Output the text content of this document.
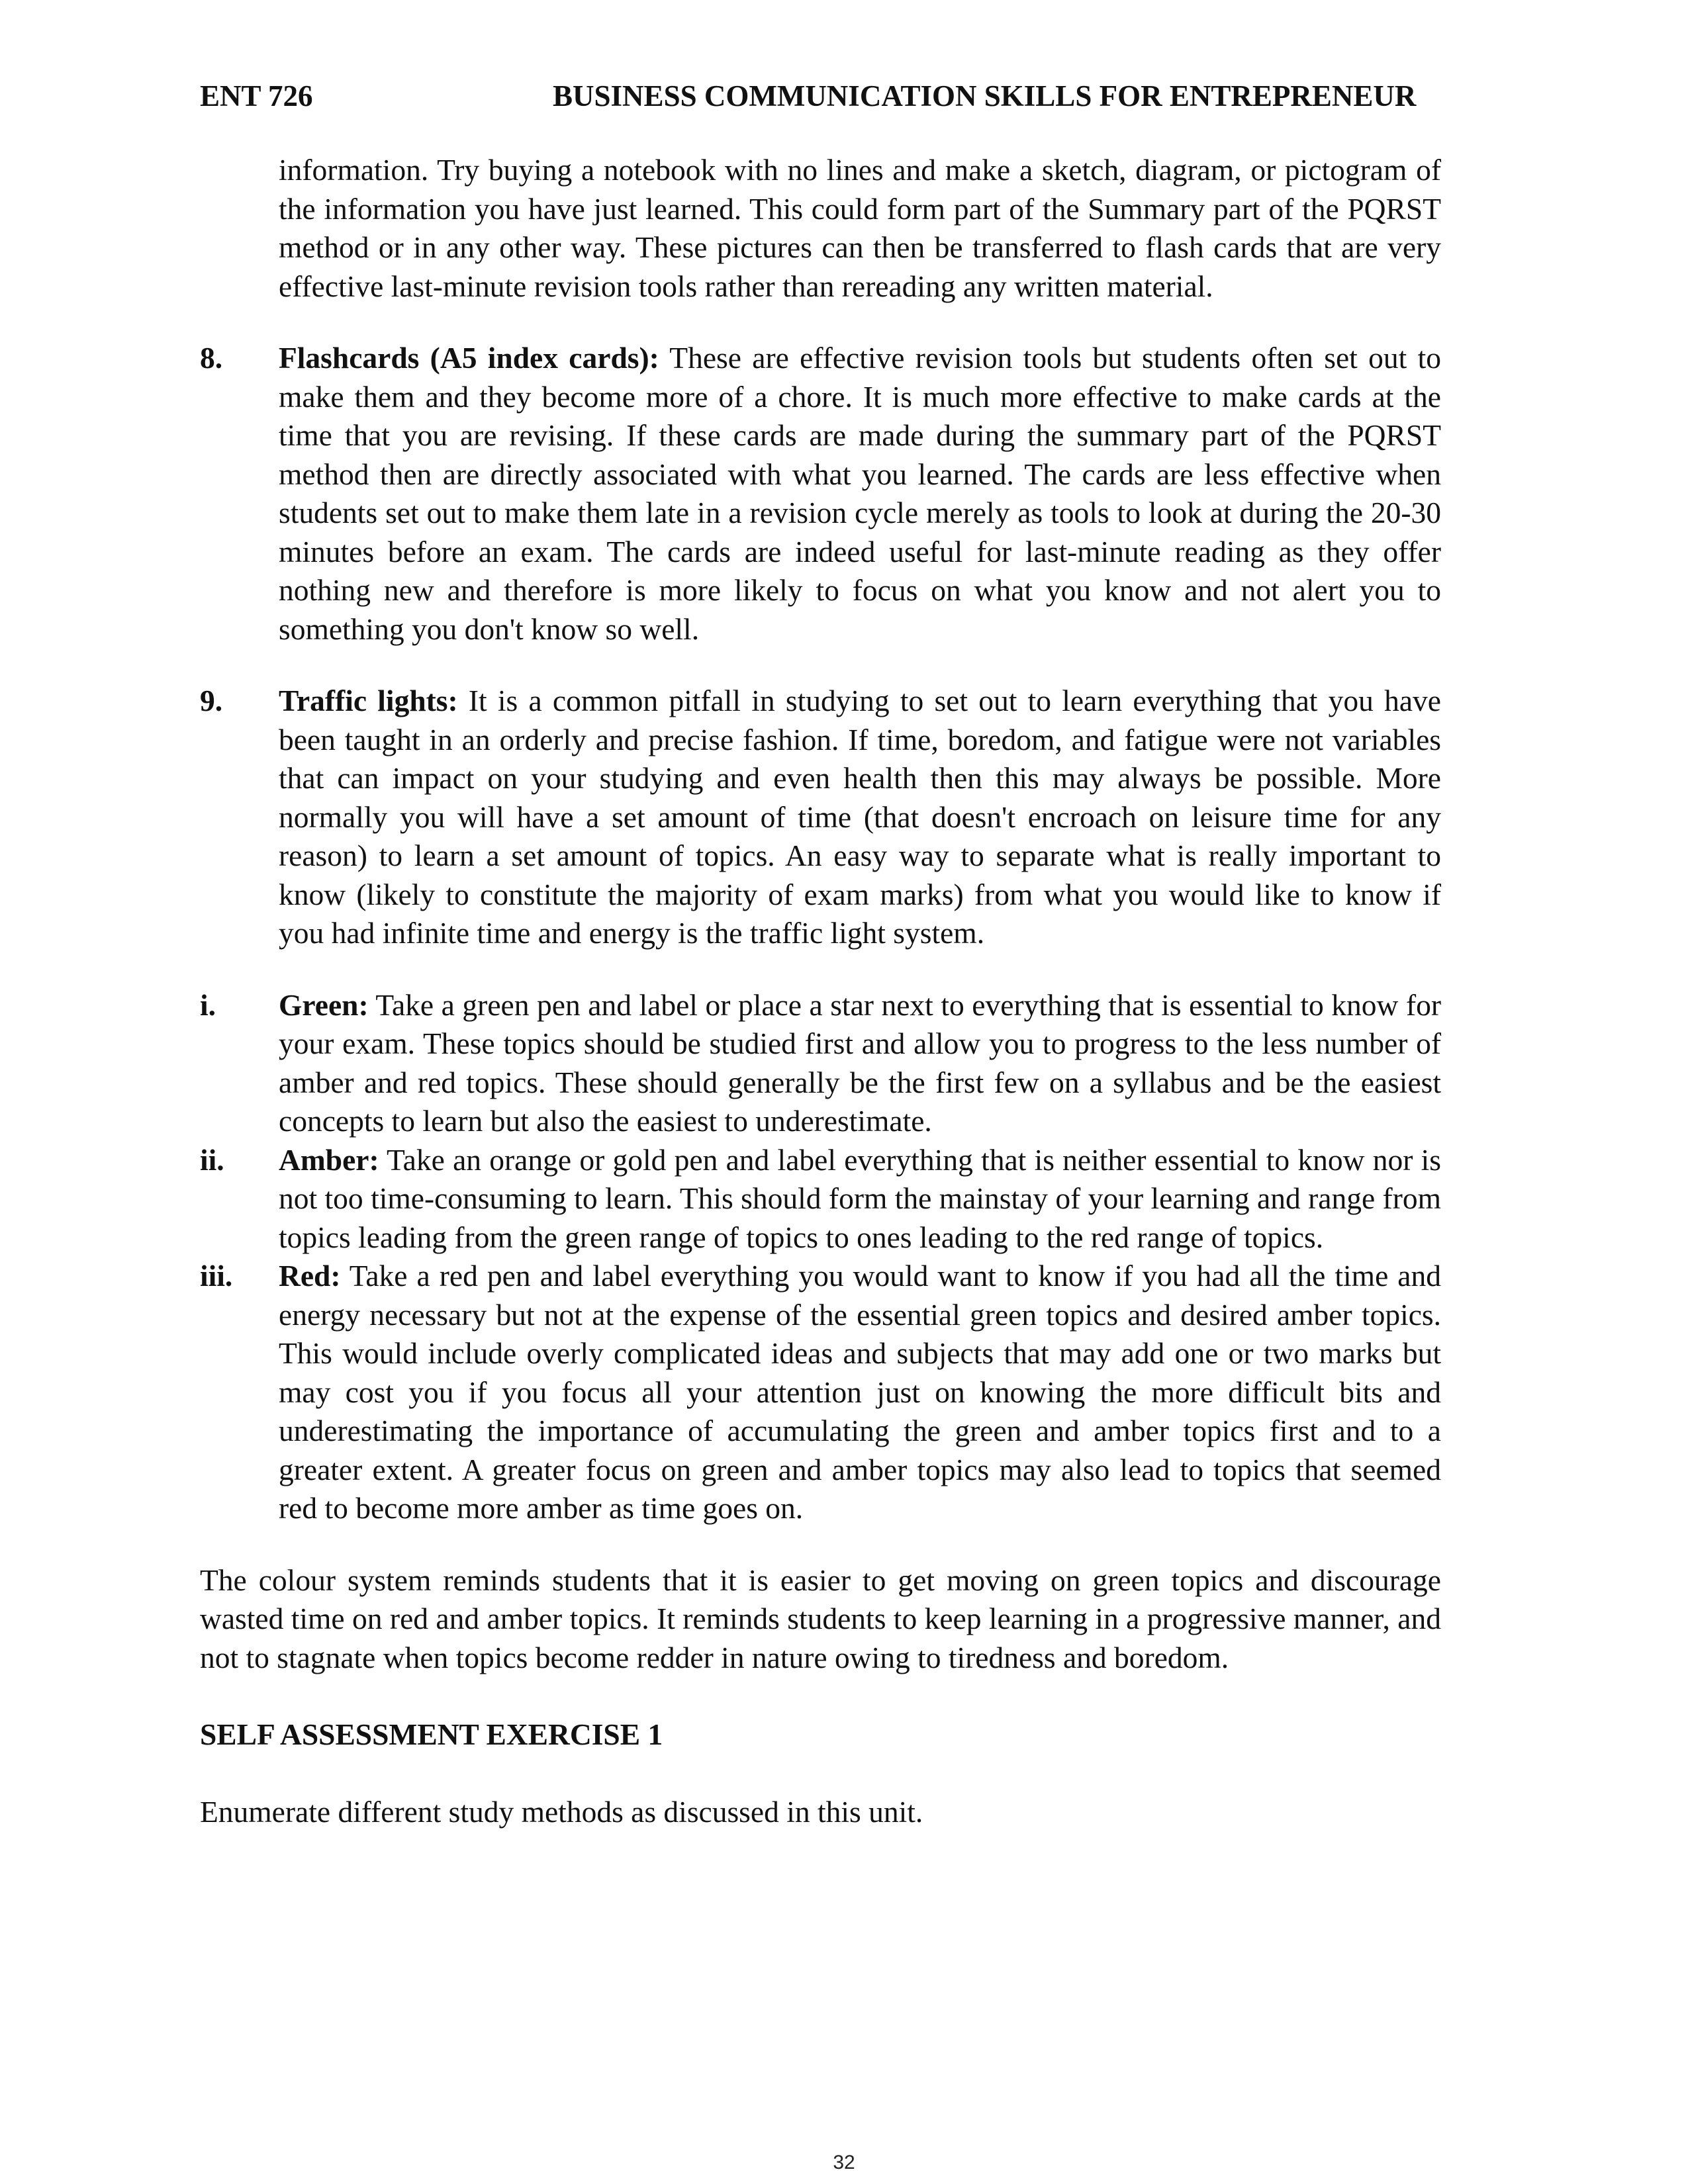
ENT 726	BUSINESS COMMUNICATION SKILLS FOR ENTREPRENEUR

information. Try buying a notebook with no lines and make a sketch, diagram, or pictogram of the information you have just learned. This could form part of the Summary part of the PQRST method or in any other way. These pictures can then be transferred to flash cards that are very effective last-minute revision tools rather than rereading any written material.

8. Flashcards (A5 index cards): These are effective revision tools but students often set out to make them and they become more of a chore. It is much more effective to make cards at the time that you are revising. If these cards are made during the summary part of the PQRST method then are directly associated with what you learned. The cards are less effective when students set out to make them late in a revision cycle merely as tools to look at during the 20-30 minutes before an exam. The cards are indeed useful for last-minute reading as they offer nothing new and therefore is more likely to focus on what you know and not alert you to something you don't know so well.

9. Traffic lights: It is a common pitfall in studying to set out to learn everything that you have been taught in an orderly and precise fashion. If time, boredom, and fatigue were not variables that can impact on your studying and even health then this may always be possible. More normally you will have a set amount of time (that doesn't encroach on leisure time for any reason) to learn a set amount of topics. An easy way to separate what is really important to know (likely to constitute the majority of exam marks) from what you would like to know if you had infinite time and energy is the traffic light system.

i. Green: Take a green pen and label or place a star next to everything that is essential to know for your exam. These topics should be studied first and allow you to progress to the less number of amber and red topics. These should generally be the first few on a syllabus and be the easiest concepts to learn but also the easiest to underestimate.

ii. Amber: Take an orange or gold pen and label everything that is neither essential to know nor is not too time-consuming to learn. This should form the mainstay of your learning and range from topics leading from the green range of topics to ones leading to the red range of topics.

iii. Red: Take a red pen and label everything you would want to know if you had all the time and energy necessary but not at the expense of the essential green topics and desired amber topics. This would include overly complicated ideas and subjects that may add one or two marks but may cost you if you focus all your attention just on knowing the more difficult bits and underestimating the importance of accumulating the green and amber topics first and to a greater extent. A greater focus on green and amber topics may also lead to topics that seemed red to become more amber as time goes on.

The colour system reminds students that it is easier to get moving on green topics and discourage wasted time on red and amber topics. It reminds students to keep learning in a progressive manner, and not to stagnate when topics become redder in nature owing to tiredness and boredom.

SELF ASSESSMENT EXERCISE 1

Enumerate different study methods as discussed in this unit.

32
